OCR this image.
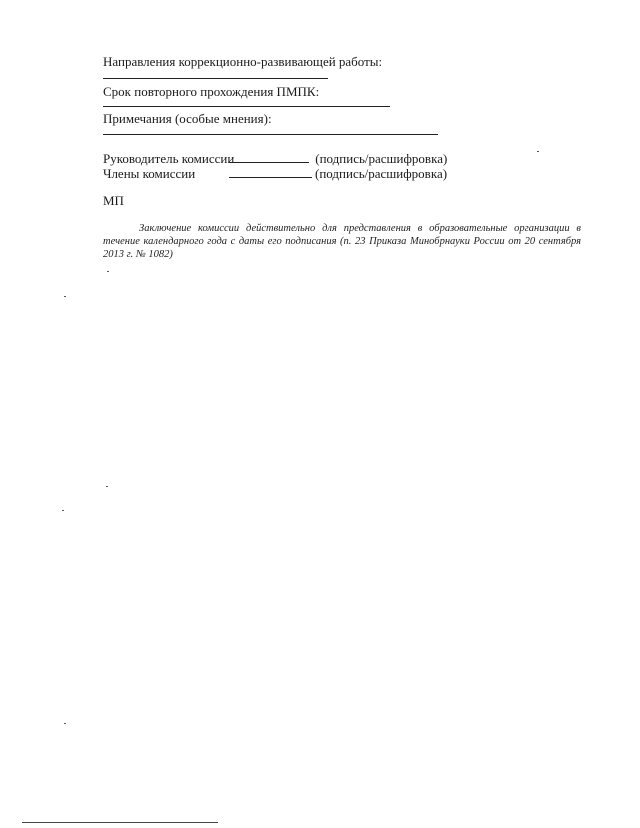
Направления коррекционно-развивающей работы:
Срок повторного прохождения ПМПК:
Примечания (особые мнения):
Руководитель комиссии	(подпись/расшифровка)
Члены комиссии	(подпись/расшифровка)
МП
Заключение комиссии действительно для представления в образовательные организации в течение календарного года с даты его подписания (п. 23 Приказа Минобрнауки России от 20 сентября 2013 г. № 1082)
